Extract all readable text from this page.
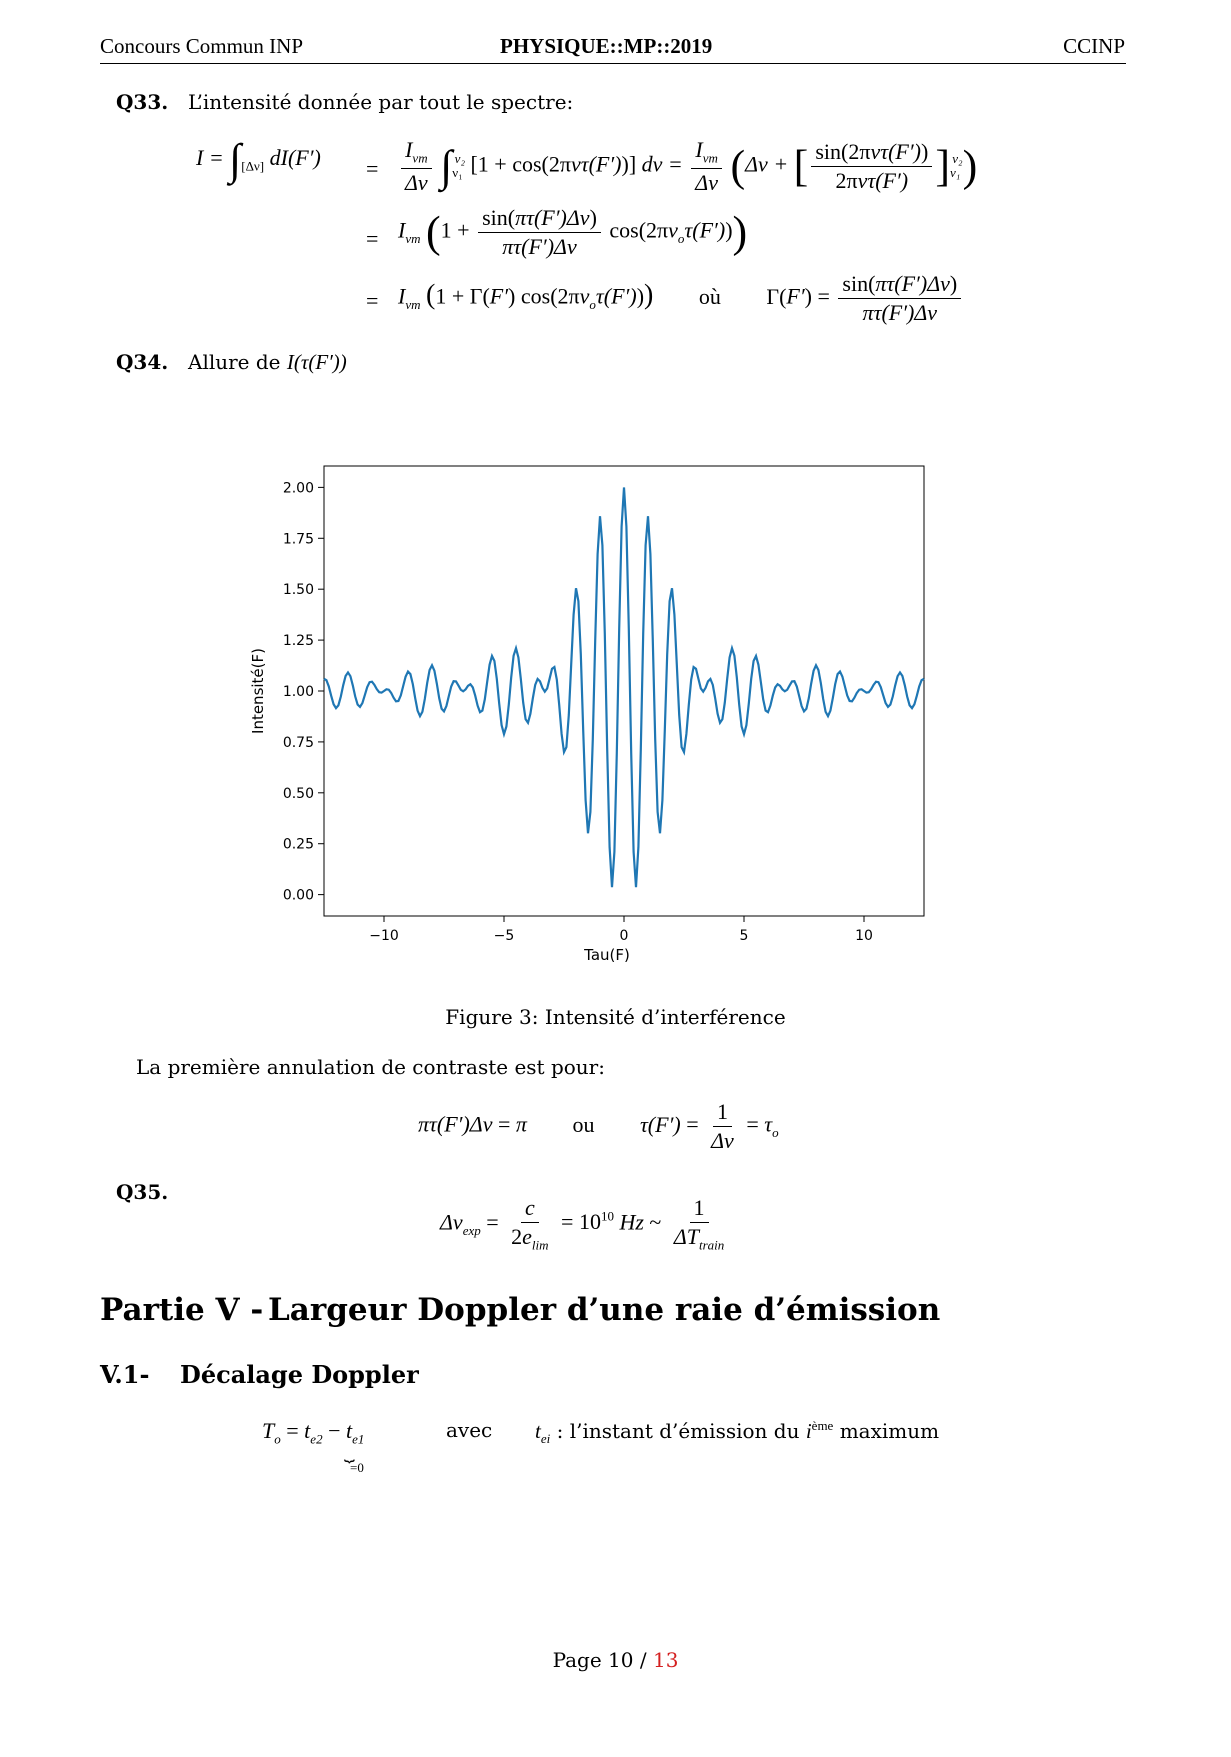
Concours Commun INP	PHYSIQUE::MP::2019	CCINP
Q33. L’intensité donnée par tout le spectre:
$I = \int_{[\Delta\nu]}$ $dI(F') = \frac{I_{\nu m}}{\Delta\nu} \int_{\nu_1}^{\nu_2}$ [1 + cos(2πντ(F′))] $d\nu = \frac{I_{\nu m}}{\Delta\nu} (\Delta\nu$ + [ $\frac{\text{sin(2πντ(F′))}}{\text{2πντ(F′)}} ]_{\nu_1}^{\nu_2}$)
= $I_{\nu m}$ $(1 + \frac{\sin(\pi\tau(F')\Delta\nu)}{\pi\tau(F')\Delta\nu} \cos(2\pi\nu_o\tau(F')))$
= $I_{\nu m}$ (1 + Γ(F′) $\cos(2\pi\nu_o\tau(F'))$) où $\Gamma(F') = \frac{\sin(\pi\tau(F')\Delta\nu)}{\pi\tau(F')\Delta\nu}$
Q34. Allure de I(τ(F′))
0.00
0.25
0.50
0.75
1.00
1.25
1.50
1.75
2.00
−10	−5	0	5	10
Tau(F)
Intensité(F)
Figure 3: Intensité d’interférence
La première annulation de contraste est pour:
πτ(F′)Δν = π ou $\tau(F') = \frac{1}{\Delta\nu} = \tau_o$
Q35.
$\Delta\nu_{exp} = \frac{c}{2e_{lim}} = 10^{10}$ Hz ~ $\frac{1}{\Delta T_{train}}$
Partie V - Largeur Doppler d’une raie d’émission
V.1- Décalage Doppler
$T_o = t_{e2} - t_{e1}$
⏟
=0
avec $t_{ei}$ : l’instant d’émission du $i^{ème}$ maximum
Page 10 / 13
